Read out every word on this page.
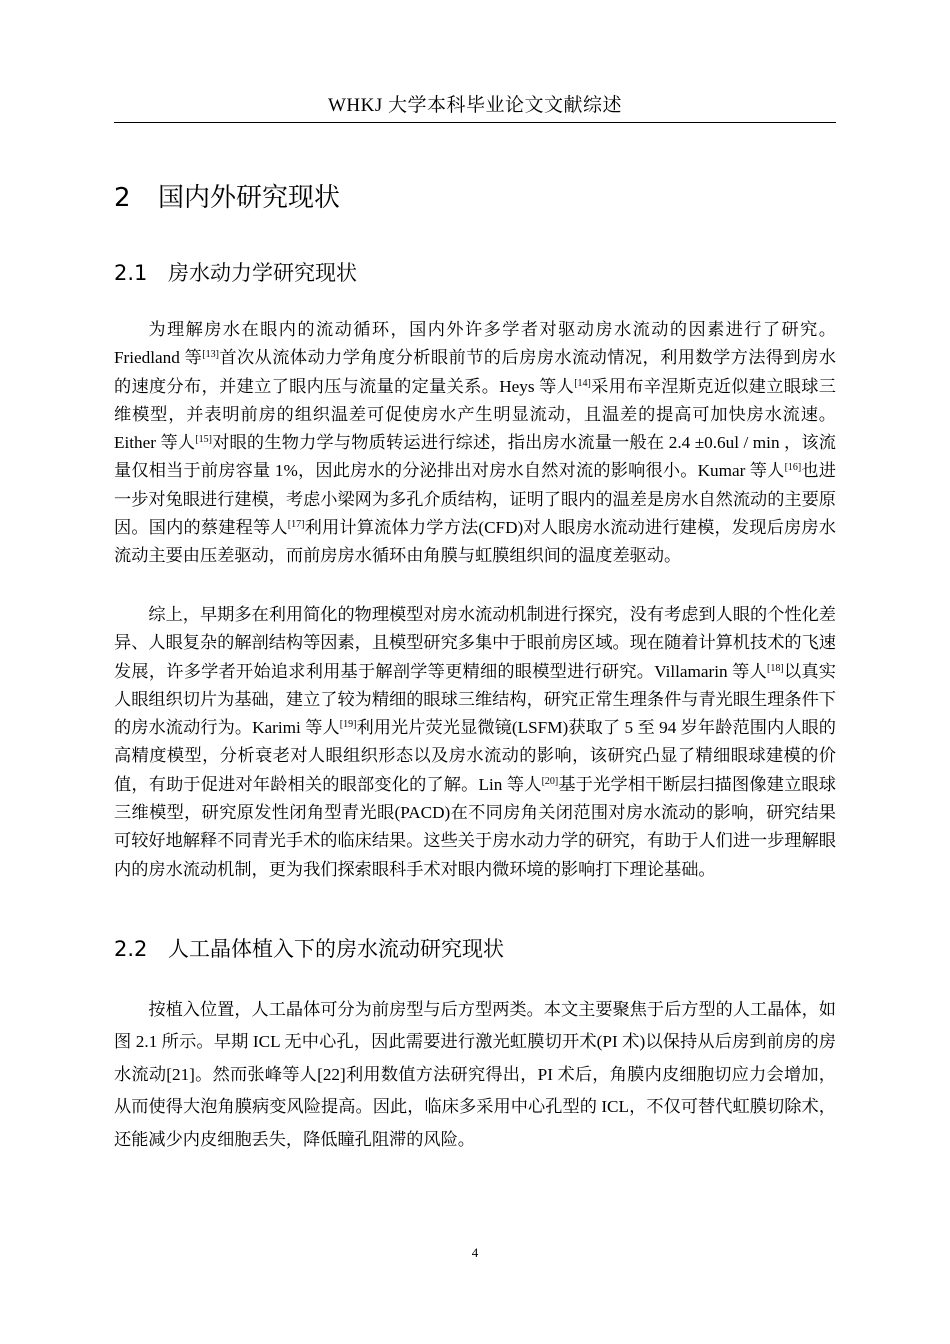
WHKJ 大学本科毕业论文文献综述
2 国内外研究现状
2.1 房水动力学研究现状

为理解房水在眼内的流动循环，国内外许多学者对驱动房水流动的因素进行了研究。Friedland 等[13]首次从流体动力学角度分析眼前节的后房房水流动情况，利用数学方法得到房水的速度分布，并建立了眼内压与流量的定量关系。Heys 等人[14]采用布辛涅斯克近似建立眼球三维模型，并表明前房的组织温差可促使房水产生明显流动，且温差的提高可加快房水流速。Either 等人[15]对眼的生物力学与物质转运进行综述，指出房水流量一般在 2.4 ±0.6ul / min ，该流量仅相当于前房容量 1%，因此房水的分泌排出对房水自然对流的影响很小。Kumar 等人[16]也进一步对兔眼进行建模，考虑小梁网为多孔介质结构，证明了眼内的温差是房水自然流动的主要原因。国内的蔡建程等人[17]利用计算流体力学方法(CFD)对人眼房水流动进行建模，发现后房房水流动主要由压差驱动，而前房房水循环由角膜与虹膜组织间的温度差驱动。

综上，早期多在利用简化的物理模型对房水流动机制进行探究，没有考虑到人眼的个性化差异、人眼复杂的解剖结构等因素，且模型研究多集中于眼前房区域。现在随着计算机技术的飞速发展，许多学者开始追求利用基于解剖学等更精细的眼模型进行研究。Villamarin 等人[18]以真实人眼组织切片为基础，建立了较为精细的眼球三维结构，研究正常生理条件与青光眼生理条件下的房水流动行为。Karimi 等人[19]利用光片荧光显微镜(LSFM)获取了 5 至 94 岁年龄范围内人眼的高精度模型，分析衰老对人眼组织形态以及房水流动的影响，该研究凸显了精细眼球建模的价值，有助于促进对年龄相关的眼部变化的了解。Lin 等人[20]基于光学相干断层扫描图像建立眼球三维模型，研究原发性闭角型青光眼(PACD)在不同房角关闭范围对房水流动的影响，研究结果可较好地解释不同青光手术的临床结果。这些关于房水动力学的研究，有助于人们进一步理解眼内的房水流动机制，更为我们探索眼科手术对眼内微环境的影响打下理论基础。

2.2 人工晶体植入下的房水流动研究现状

按植入位置，人工晶体可分为前房型与后方型两类。本文主要聚焦于后方型的人工晶体，如图 2.1 所示。早期 ICL 无中心孔，因此需要进行激光虹膜切开术(PI 术)以保持从后房到前房的房水流动[21]。然而张峰等人[22]利用数值方法研究得出，PI 术后，角膜内皮细胞切应力会增加，从而使得大泡角膜病变风险提高。因此，临床多采用中心孔型的 ICL，不仅可替代虹膜切除术，还能减少内皮细胞丢失，降低瞳孔阻滞的风险。

4
